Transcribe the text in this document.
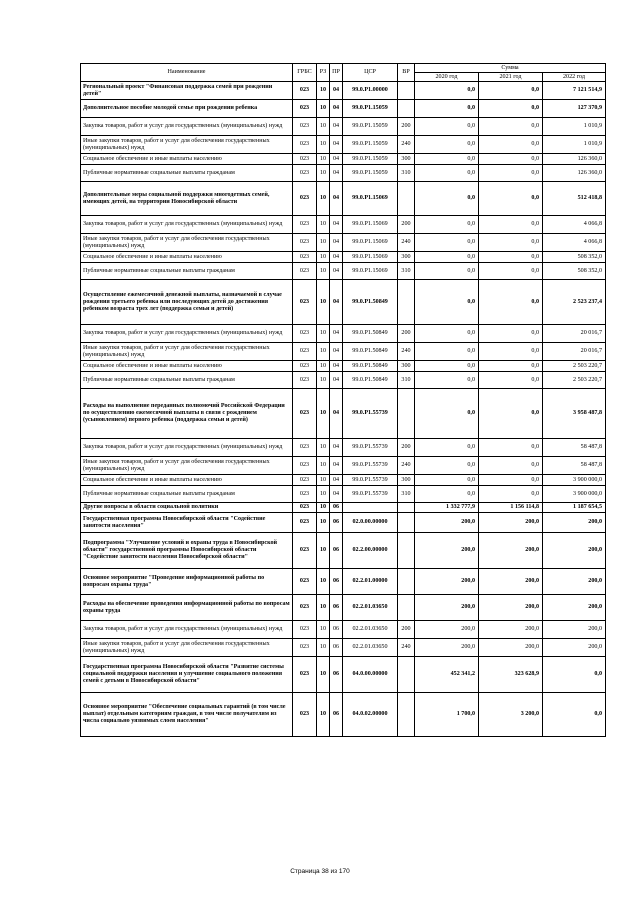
Наименование	ГРБС	РЗ	ПР	ЦСР	ВР	Сумма		
						2020 год	2021 год	2022 год
Региональный проект "Финансовая поддержка семей при рождении детей"	023	10	04	99.0.P1.00000		0,0	0,0	7 121 514,9
Дополнительное пособие молодой семье при рождении ребенка	023	10	04	99.0.P1.15059		0,0	0,0	127 370,9
Закупка товаров, работ и услуг для государственных (муниципальных) нужд	023	10	04	99.0.P1.15059	200	0,0	0,0	1 010,9
Иные закупки товаров, работ и услуг для обеспечения государственных (муниципальных) нужд	023	10	04	99.0.P1.15059	240	0,0	0,0	1 010,9
Социальное обеспечение и иные выплаты населению	023	10	04	99.0.P1.15059	300	0,0	0,0	126 360,0
Публичные нормативные социальные выплаты гражданам	023	10	04	99.0.P1.15059	310	0,0	0,0	126 360,0
Дополнительные меры социальной поддержки многодетных семей, имеющих детей, на территории Новосибирской области	023	10	04	99.0.P1.15069		0,0	0,0	512 418,8
Закупка товаров, работ и услуг для государственных (муниципальных) нужд	023	10	04	99.0.P1.15069	200	0,0	0,0	4 066,8
Иные закупки товаров, работ и услуг для обеспечения государственных (муниципальных) нужд	023	10	04	99.0.P1.15069	240	0,0	0,0	4 066,8
Социальное обеспечение и иные выплаты населению	023	10	04	99.0.P1.15069	300	0,0	0,0	508 352,0
Публичные нормативные социальные выплаты гражданам	023	10	04	99.0.P1.15069	310	0,0	0,0	508 352,0
Осуществление ежемесячной денежной выплаты, назначаемой в случае рождения третьего ребенка или последующих детей до достижения ребенком возраста трех лет (поддержка семьи и детей)	023	10	04	99.0.P1.50849		0,0	0,0	2 523 237,4
Закупка товаров, работ и услуг для государственных (муниципальных) нужд	023	10	04	99.0.P1.50849	200	0,0	0,0	20 016,7
Иные закупки товаров, работ и услуг для обеспечения государственных (муниципальных) нужд	023	10	04	99.0.P1.50849	240	0,0	0,0	20 016,7
Социальное обеспечение и иные выплаты населению	023	10	04	99.0.P1.50849	300	0,0	0,0	2 503 220,7
Публичные нормативные социальные выплаты гражданам	023	10	04	99.0.P1.50849	310	0,0	0,0	2 503 220,7
Расходы на выполнение переданных полномочий Российской Федерации по осуществлению ежемесячной выплаты в связи с рождением (усыновлением) первого ребенка (поддержка семьи и детей)	023	10	04	99.0.P1.55739		0,0	0,0	3 958 487,8
Закупка товаров, работ и услуг для государственных (муниципальных) нужд	023	10	04	99.0.P1.55739	200	0,0	0,0	58 487,8
Иные закупки товаров, работ и услуг для обеспечения государственных (муниципальных) нужд	023	10	04	99.0.P1.55739	240	0,0	0,0	58 487,8
Социальное обеспечение и иные выплаты населению	023	10	04	99.0.P1.55739	300	0,0	0,0	3 900 000,0
Публичные нормативные социальные выплаты гражданам	023	10	04	99.0.P1.55739	310	0,0	0,0	3 900 000,0
Другие вопросы в области социальной политики	023	10	06			1 332 777,9	1 156 114,8	1 187 654,5
Государственная программа Новосибирской области "Содействие занятости населения"	023	10	06	02.0.00.00000		200,0	200,0	200,0
Подпрограмма "Улучшение условий и охраны труда в Новосибирской области" государственной программы Новосибирской области "Содействие занятости населения Новосибирской области"	023	10	06	02.2.00.00000		200,0	200,0	200,0
Основное мероприятие "Проведение информационной работы по вопросам охраны труда"	023	10	06	02.2.01.00000		200,0	200,0	200,0
Расходы на обеспечение проведения информационной работы по вопросам охраны труда	023	10	06	02.2.01.03650		200,0	200,0	200,0
Закупка товаров, работ и услуг для государственных (муниципальных) нужд	023	10	06	02.2.01.03650	200	200,0	200,0	200,0
Иные закупки товаров, работ и услуг для обеспечения государственных (муниципальных) нужд	023	10	06	02.2.01.03650	240	200,0	200,0	200,0
Государственная программа Новосибирской области "Развитие системы социальной поддержки населения и улучшение социального положения семей с детьми в Новосибирской области"	023	10	06	04.0.00.00000		452 341,2	323 628,9	0,0
Основное мероприятие "Обеспечение социальных гарантий (в том числе выплат) отдельным категориям граждан, в том числе получателям из числа социально уязвимых слоев населения"	023	10	06	04.0.02.00000		1 700,0	3 200,0	0,0
Страница 38 из 170
